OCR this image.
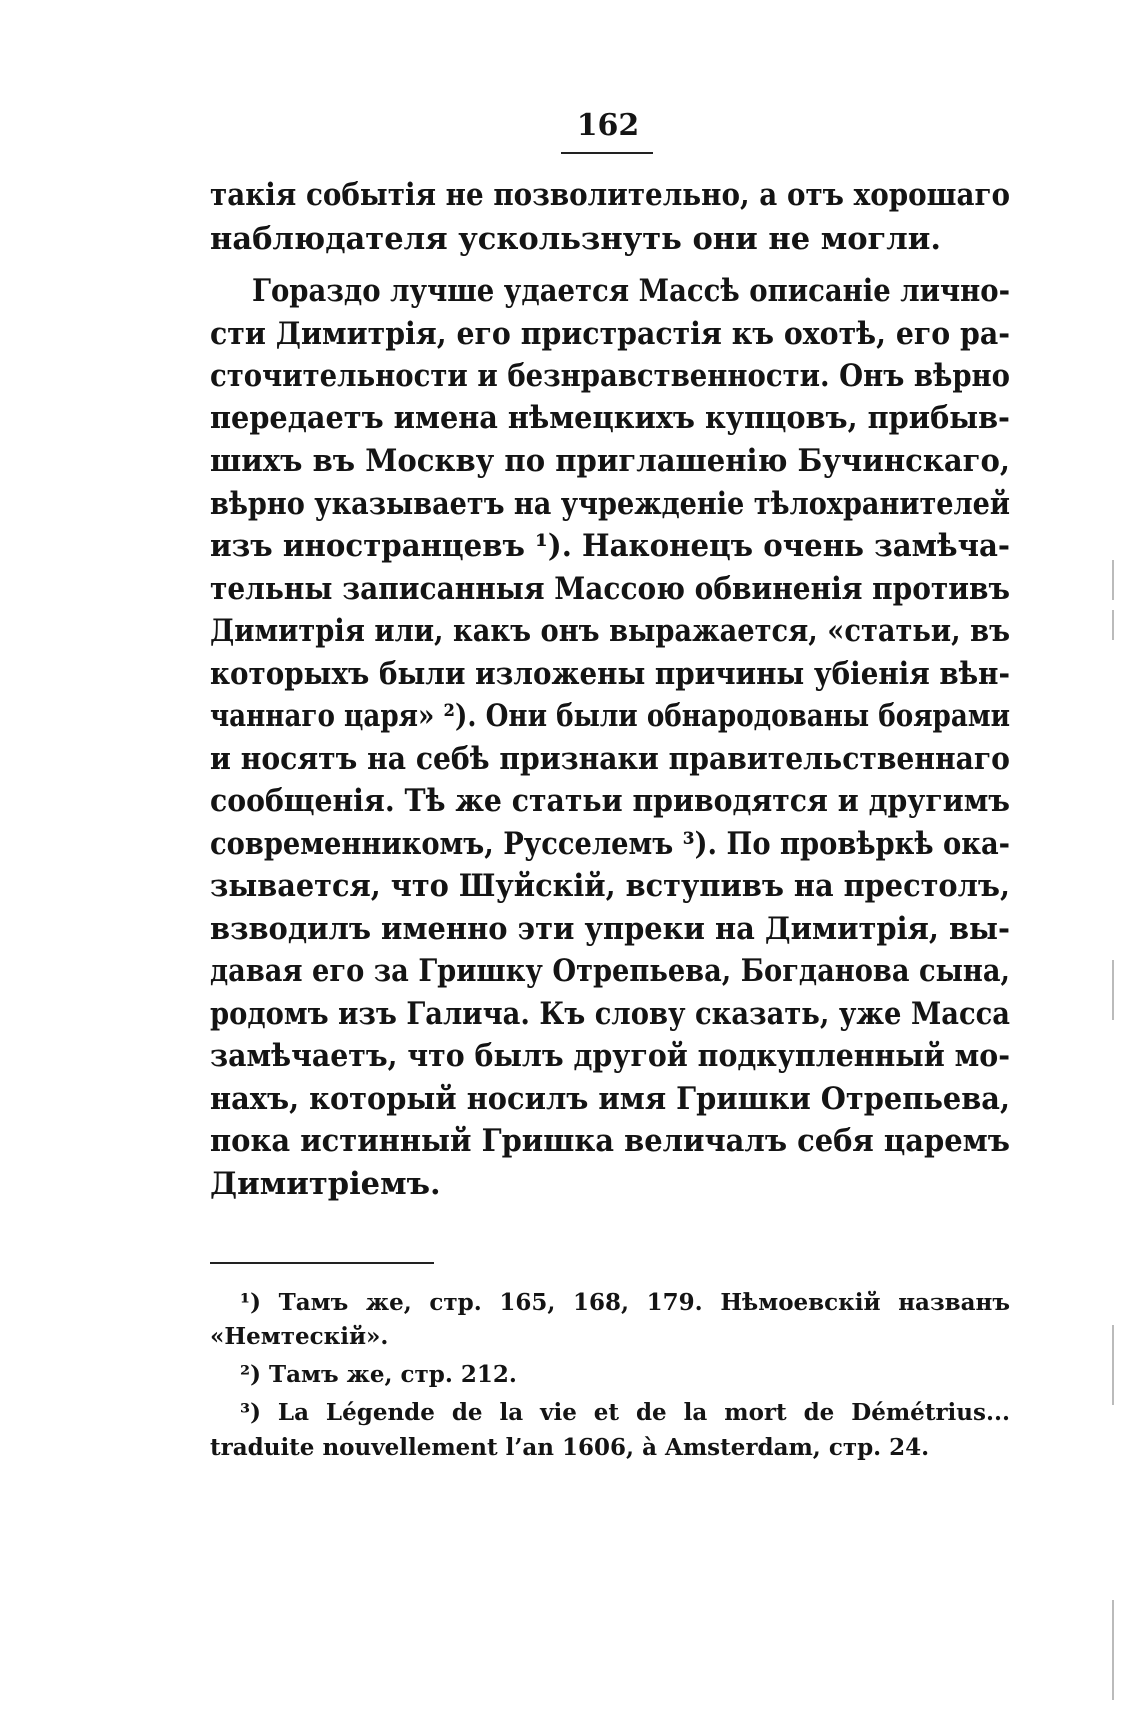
162
такія событія не позволительно, а отъ хорошаго
наблюдателя ускользнуть они не могли.
Гораздо лучше удается Массѣ описаніе лично-
сти Димитрія, его пристрастія къ охотѣ, его ра-
сточительности и безнравственности. Онъ вѣрно
передаетъ имена нѣмецкихъ купцовъ, прибыв-
шихъ въ Москву по приглашенію Бучинскаго,
вѣрно указываетъ на учрежденіе тѣлохранителей
изъ иностранцевъ ¹). Наконецъ очень замѣча-
тельны записанныя Массою обвиненія противъ
Димитрія или, какъ онъ выражается, «статьи, въ
которыхъ были изложены причины убіенія вѣн-
чаннаго царя» ²). Они были обнародованы боярами
и носятъ на себѣ признаки правительственнаго
сообщенія. Тѣ же статьи приводятся и другимъ
современникомъ, Русселемъ ³). По провѣркѣ ока-
зывается, что Шуйскій, вступивъ на престолъ,
взводилъ именно эти упреки на Димитрія, вы-
давая его за Гришку Отрепьева, Богданова сына,
родомъ изъ Галича. Къ слову сказать, уже Масса
замѣчаетъ, что былъ другой подкупленный мо-
нахъ, который носилъ имя Гришки Отрепьева,
пока истинный Гришка величалъ себя царемъ
Димитріемъ.
¹) Тамъ же, стр. 165, 168, 179. Нѣмоевскій названъ
«Немтескій».
²) Тамъ же, стр. 212.
³) La Légende de la vie et de la mort de Démétrius...
traduite nouvellement l’an 1606, à Amsterdam, стр. 24.
